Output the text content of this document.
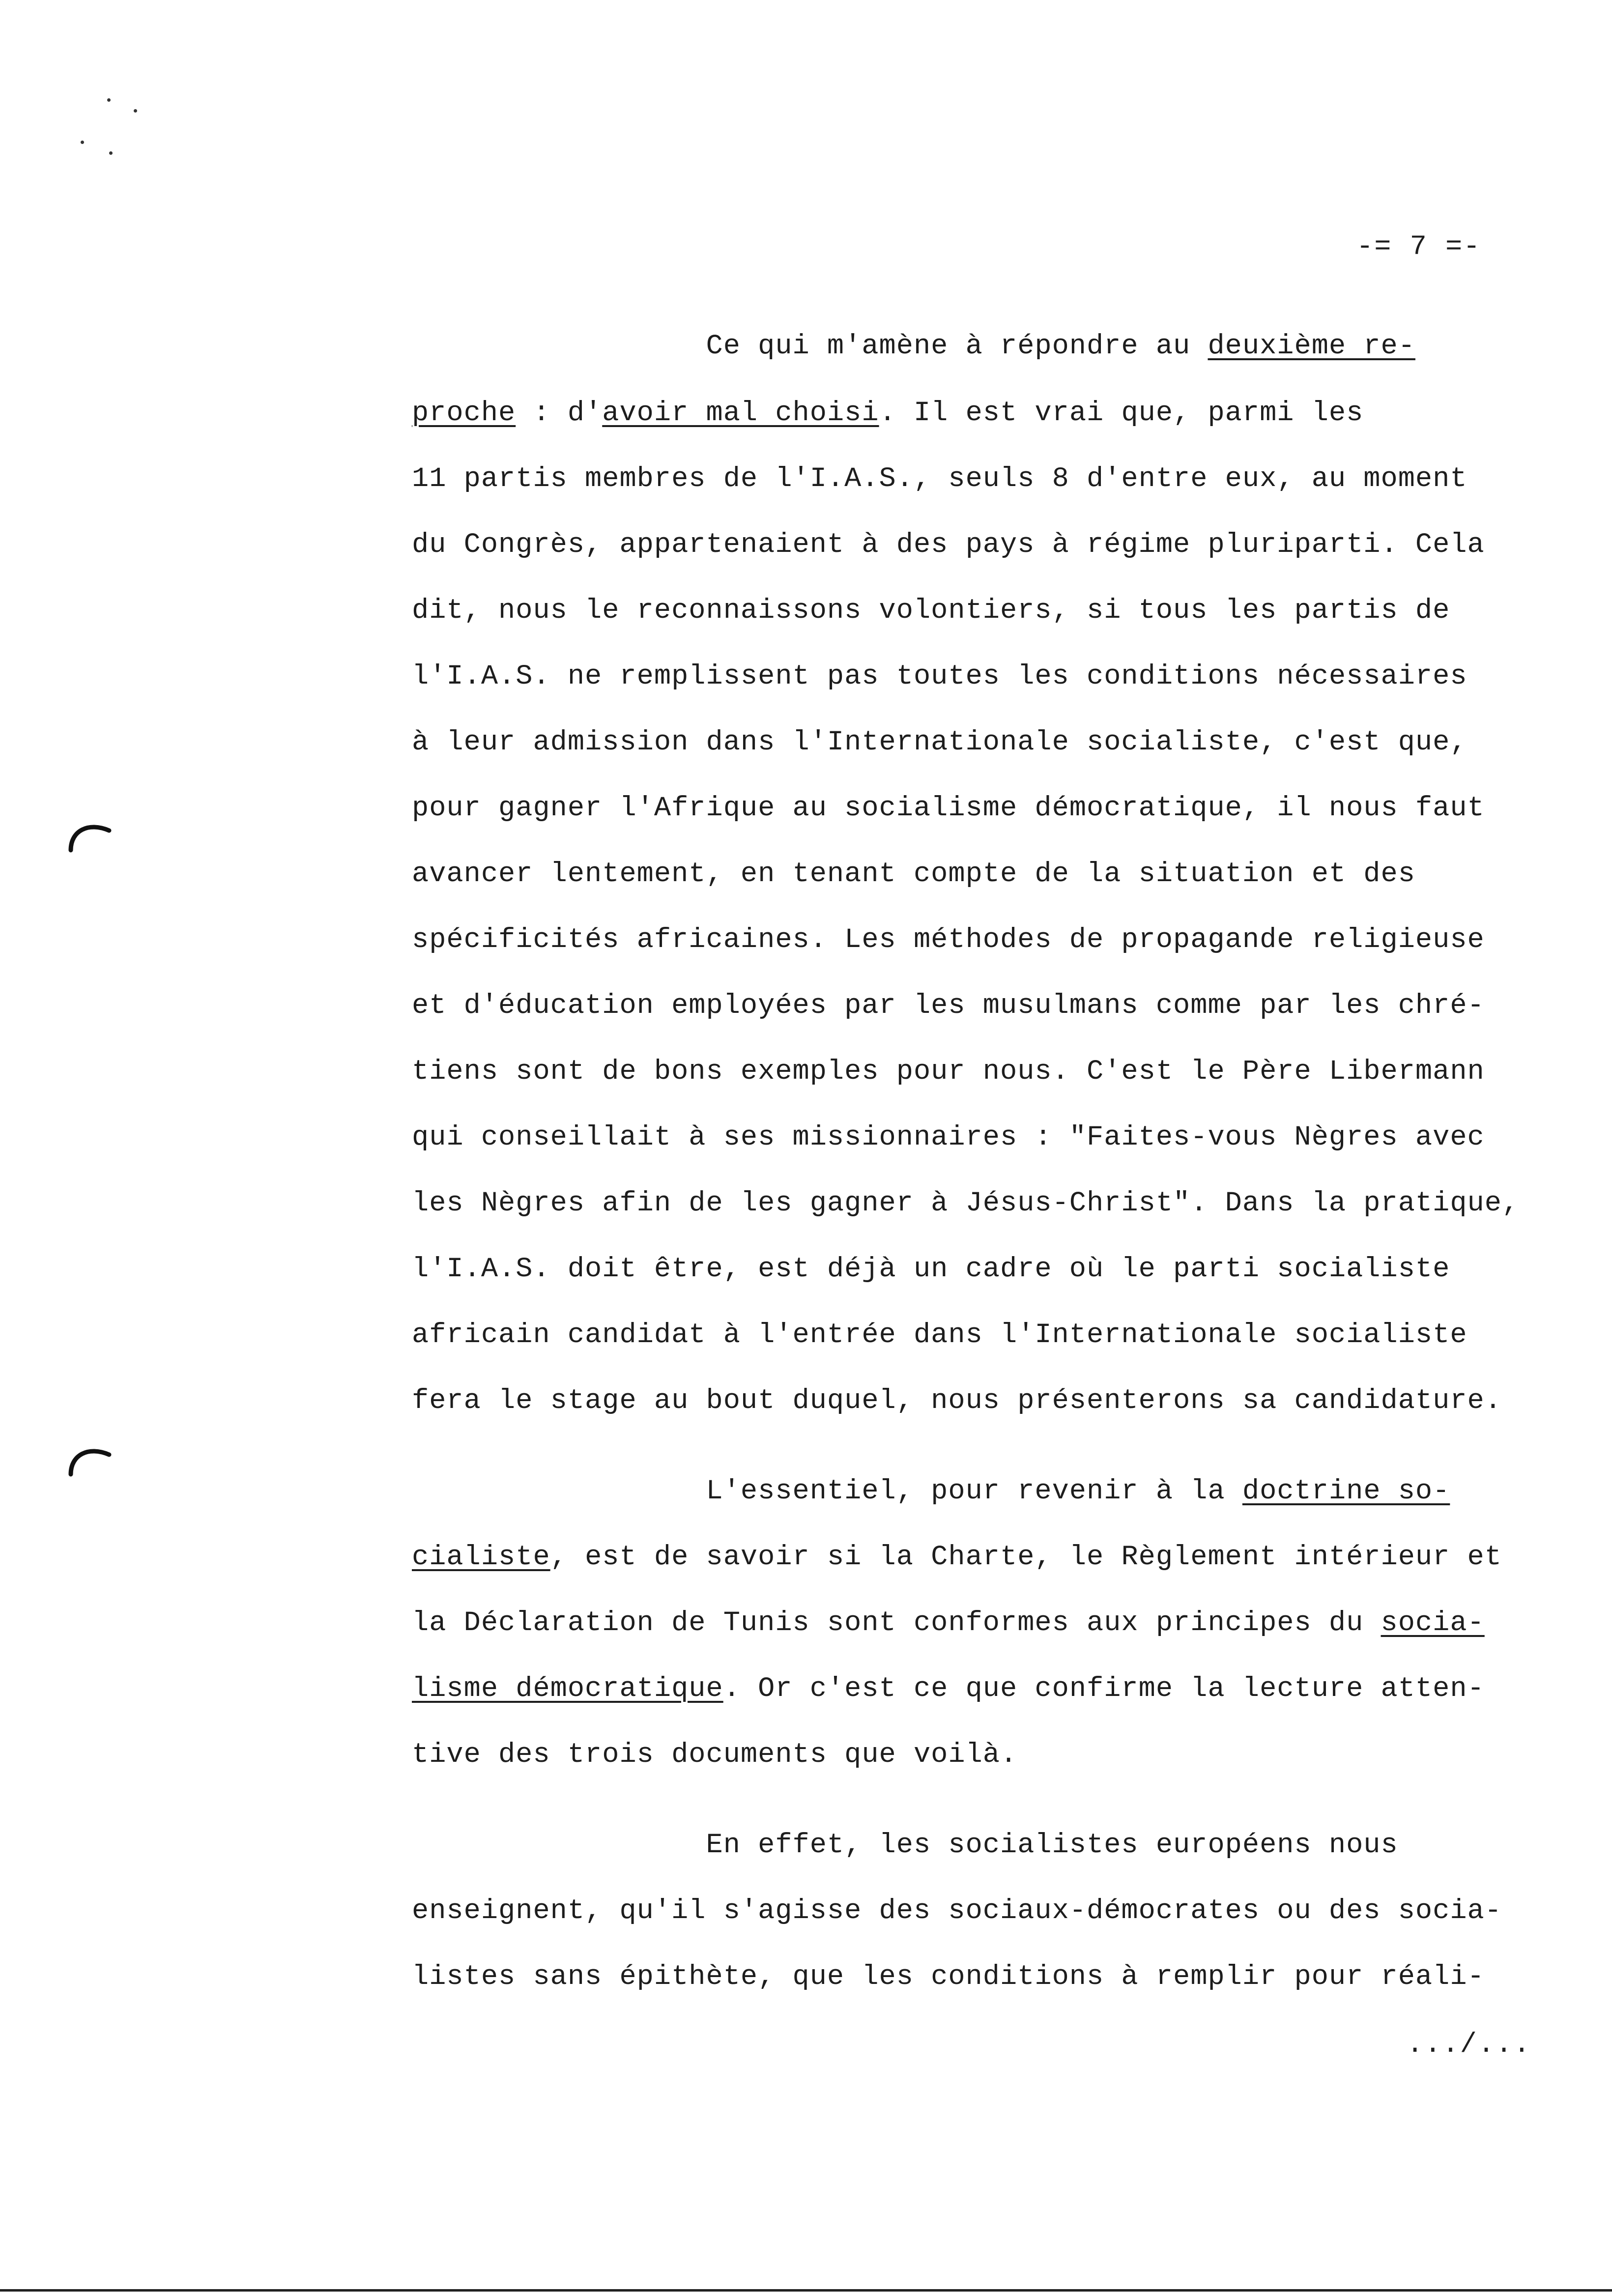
-= 7 =-
Ce qui m'amène à répondre au deuxième re-
proche : d'avoir mal choisi. Il est vrai que, parmi les
11 partis membres de l'I.A.S., seuls 8 d'entre eux, au moment
du Congrès, appartenaient à des pays à régime pluriparti. Cela
dit, nous le reconnaissons volontiers, si tous les partis de
l'I.A.S. ne remplissent pas toutes les conditions nécessaires
à leur admission dans l'Internationale socialiste, c'est que,
pour gagner l'Afrique au socialisme démocratique, il nous faut
avancer lentement, en tenant compte de la situation et des
spécificités africaines. Les méthodes de propagande religieuse
et d'éducation employées par les musulmans comme par les chré-
tiens sont de bons exemples pour nous. C'est le Père Libermann
qui conseillait à ses missionnaires : "Faites-vous Nègres avec
les Nègres afin de les gagner à Jésus-Christ". Dans la pratique,
l'I.A.S. doit être, est déjà un cadre où le parti socialiste
africain candidat à l'entrée dans l'Internationale socialiste
fera le stage au bout duquel, nous présenterons sa candidature.
L'essentiel, pour revenir à la doctrine so-
cialiste, est de savoir si la Charte, le Règlement intérieur et
la Déclaration de Tunis sont conformes aux principes du socia-
lisme démocratique. Or c'est ce que confirme la lecture atten-
tive des trois documents que voilà.
En effet, les socialistes européens nous
enseignent, qu'il s'agisse des sociaux-démocrates ou des socia-
listes sans épithète, que les conditions à remplir pour réali-
.../...
